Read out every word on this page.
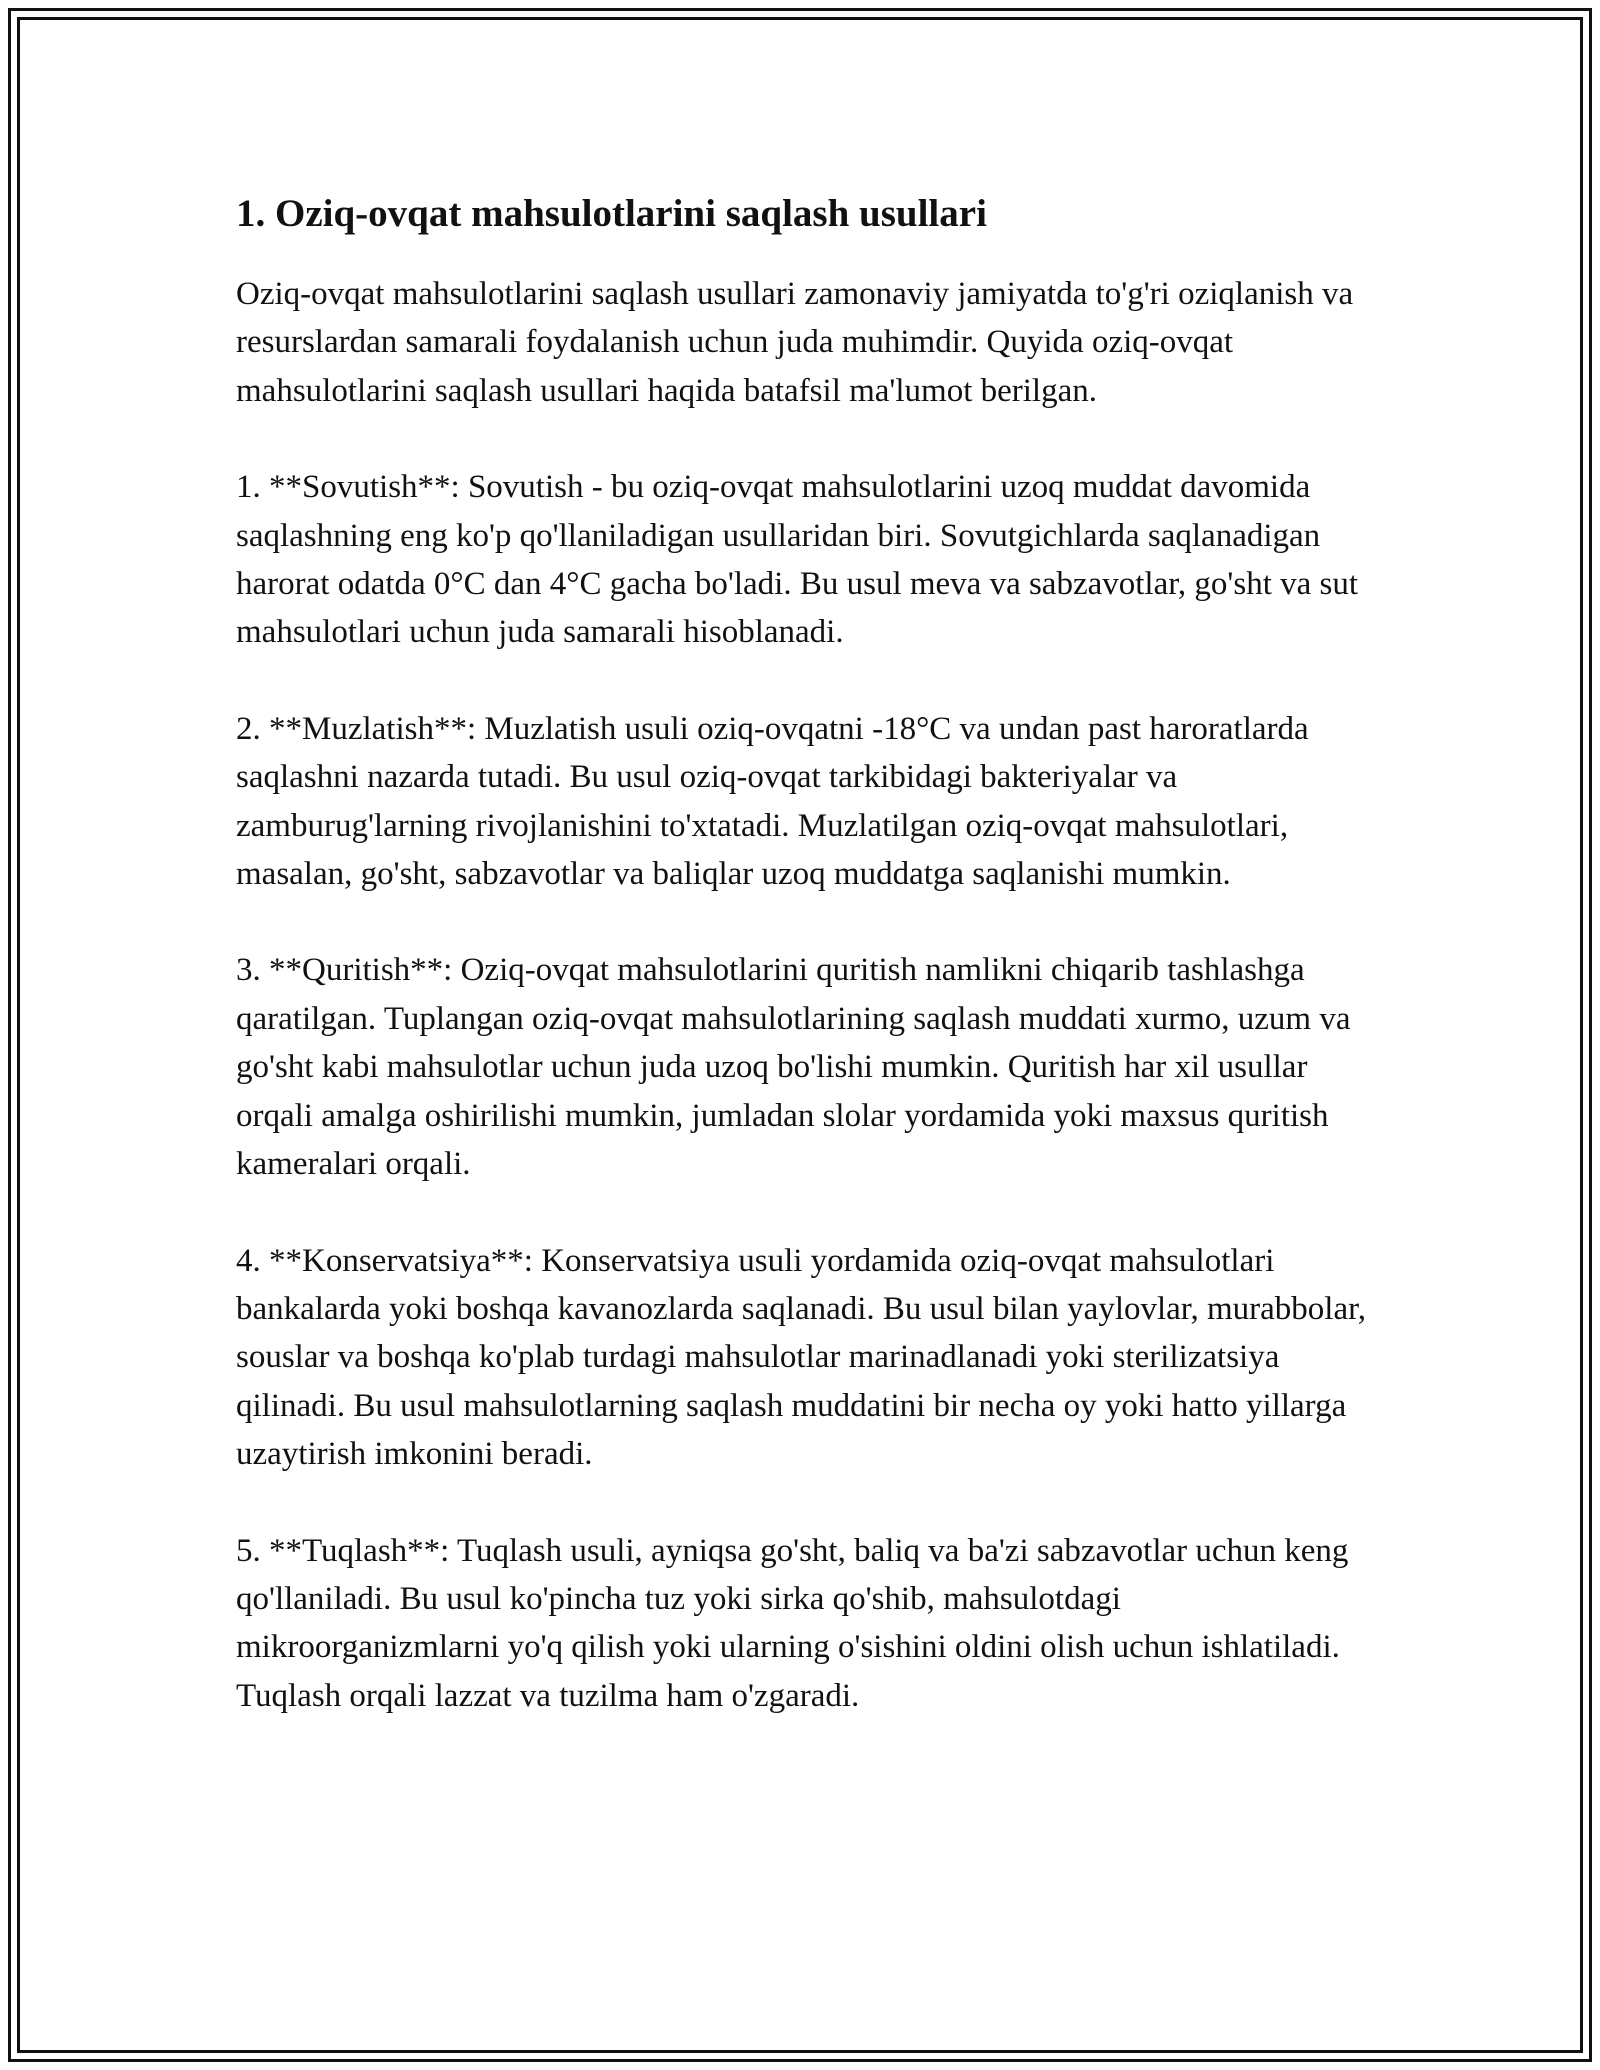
1. Oziq-ovqat mahsulotlarini saqlash usullari

Oziq-ovqat mahsulotlarini saqlash usullari zamonaviy jamiyatda to'g'ri oziqlanish va resurslardan samarali foydalanish uchun juda muhimdir. Quyida oziq-ovqat mahsulotlarini saqlash usullari haqida batafsil ma'lumot berilgan.

1. **Sovutish**: Sovutish - bu oziq-ovqat mahsulotlarini uzoq muddat davomida saqlashning eng ko'p qo'llaniladigan usullaridan biri. Sovutgichlarda saqlanadigan harorat odatda 0°C dan 4°C gacha bo'ladi. Bu usul meva va sabzavotlar, go'sht va sut mahsulotlari uchun juda samarali hisoblanadi.

2. **Muzlatish**: Muzlatish usuli oziq-ovqatni -18°C va undan past haroratlarda saqlashni nazarda tutadi. Bu usul oziq-ovqat tarkibidagi bakteriyalar va zamburug'larning rivojlanishini to'xtatadi. Muzlatilgan oziq-ovqat mahsulotlari, masalan, go'sht, sabzavotlar va baliqlar uzoq muddatga saqlanishi mumkin.

3. **Quritish**: Oziq-ovqat mahsulotlarini quritish namlikni chiqarib tashlashga qaratilgan. Tuplangan oziq-ovqat mahsulotlarining saqlash muddati xurmo, uzum va go'sht kabi mahsulotlar uchun juda uzoq bo'lishi mumkin. Quritish har xil usullar orqali amalga oshirilishi mumkin, jumladan slolar yordamida yoki maxsus quritish kameralari orqali.

4. **Konservatsiya**: Konservatsiya usuli yordamida oziq-ovqat mahsulotlari bankalarda yoki boshqa kavanozlarda saqlanadi. Bu usul bilan yaylovlar, murabbolar, souslar va boshqa ko'plab turdagi mahsulotlar marinadlanadi yoki sterilizatsiya qilinadi. Bu usul mahsulotlarning saqlash muddatini bir necha oy yoki hatto yillarga uzaytirish imkonini beradi.

5. **Tuqlash**: Tuqlash usuli, ayniqsa go'sht, baliq va ba'zi sabzavotlar uchun keng qo'llaniladi. Bu usul ko'pincha tuz yoki sirka qo'shib, mahsulotdagi mikroorganizmlarni yo'q qilish yoki ularning o'sishini oldini olish uchun ishlatiladi. Tuqlash orqali lazzat va tuzilma ham o'zgaradi.
